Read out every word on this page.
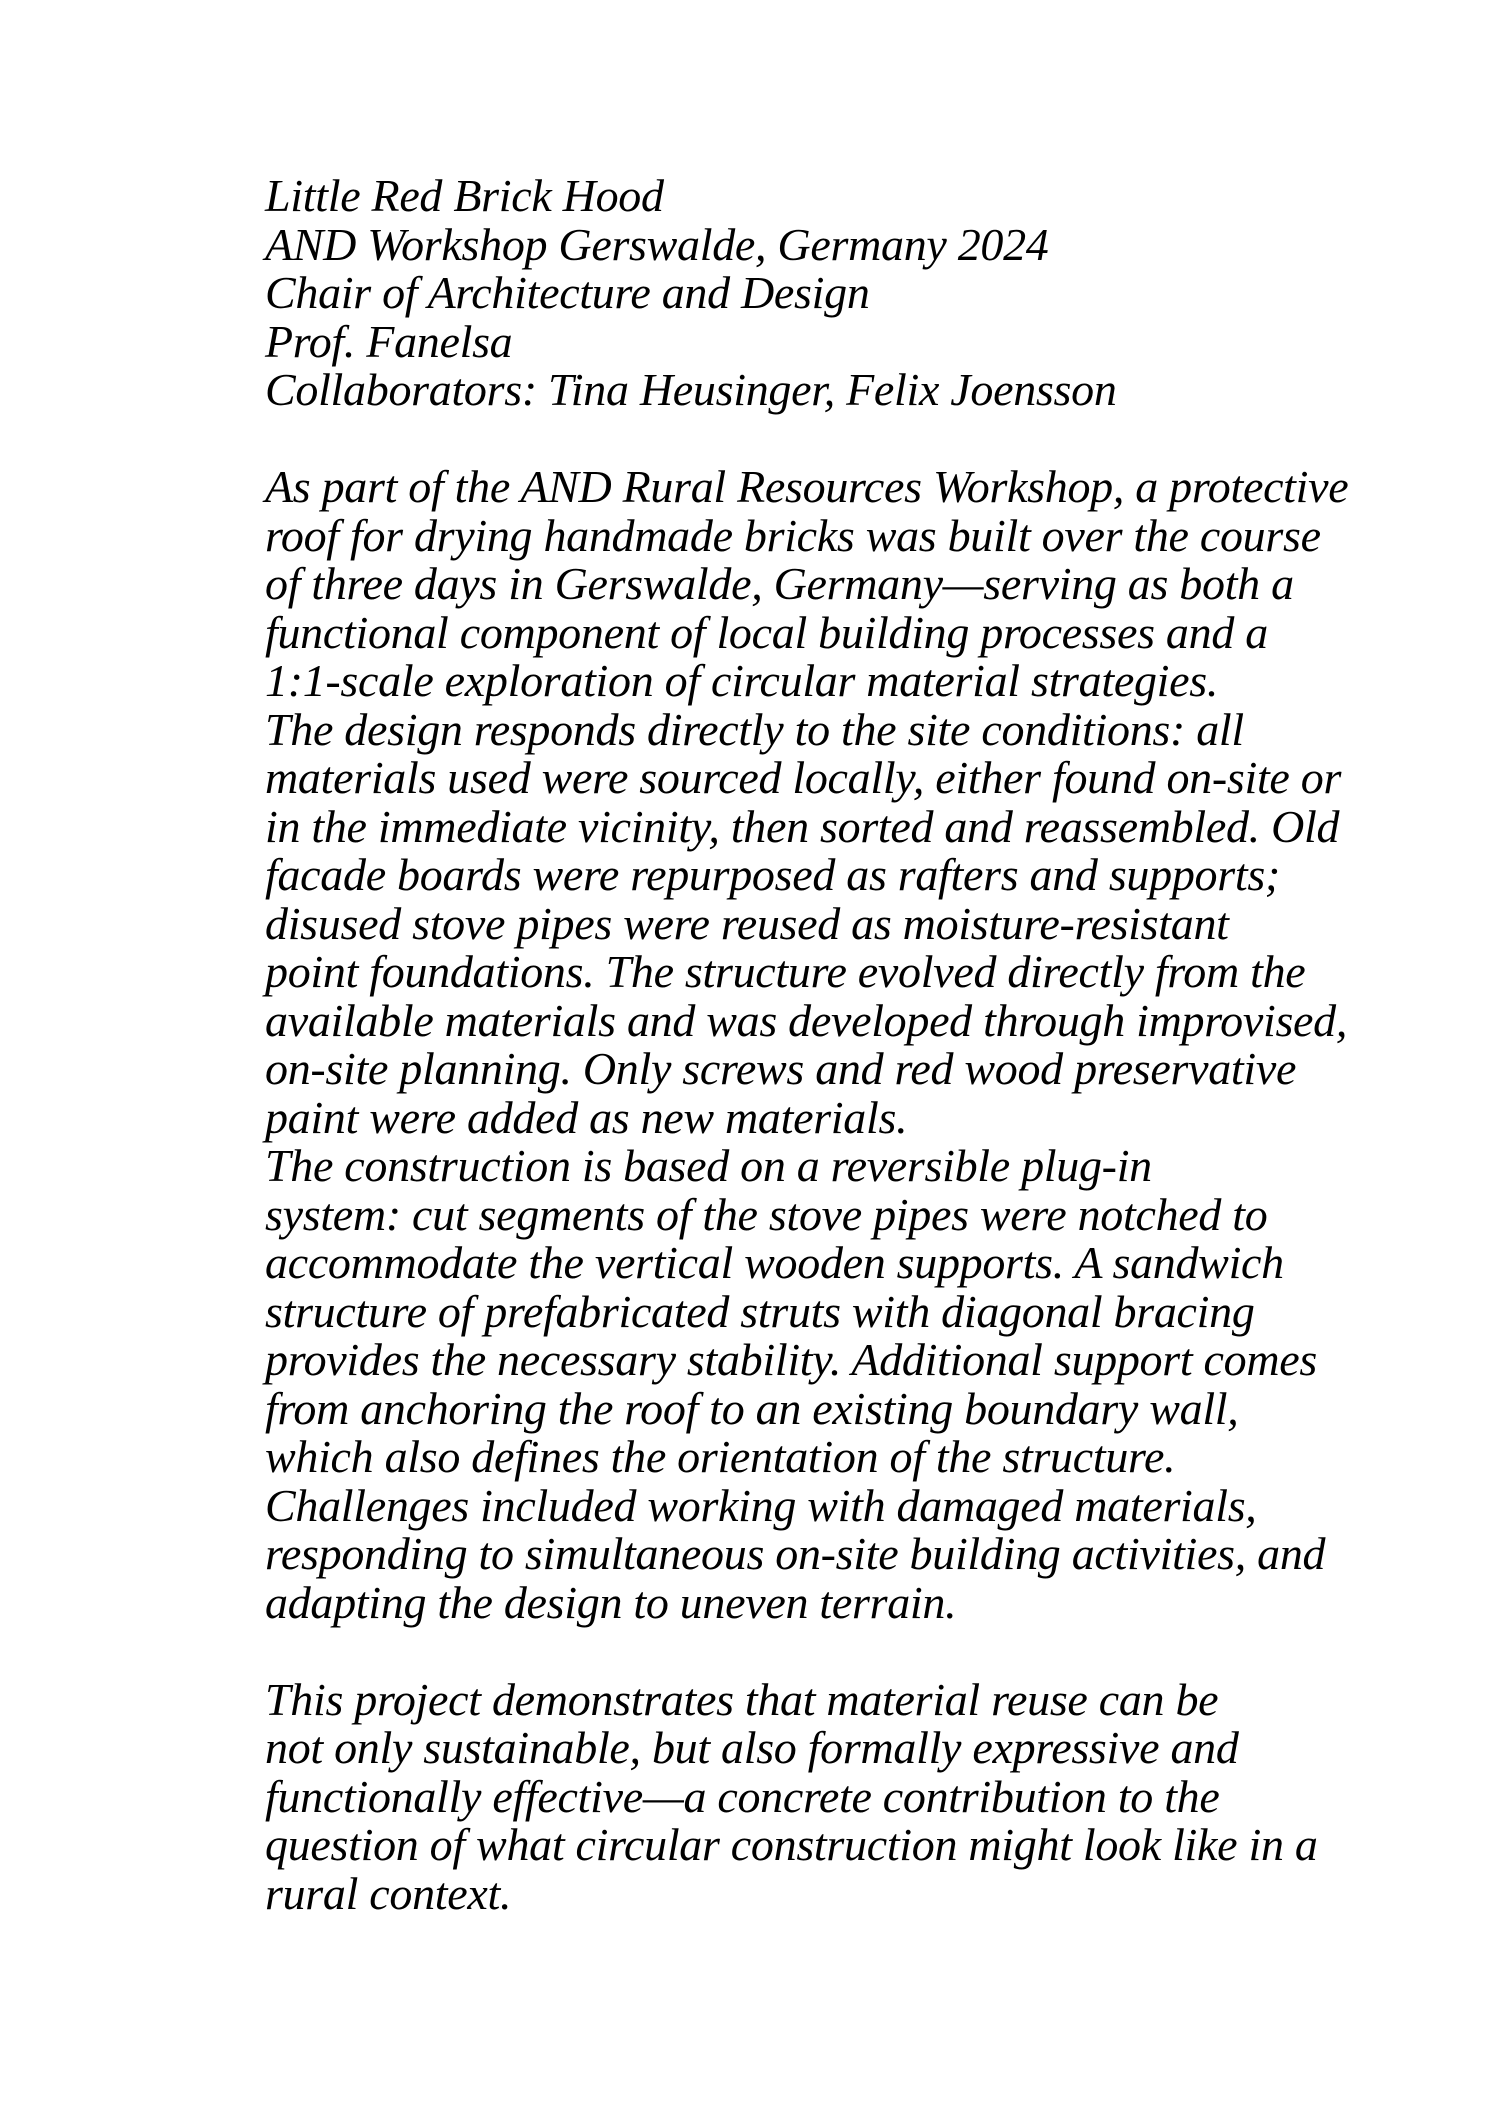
Little Red Brick Hood
AND Workshop Gerswalde, Germany 2024
Chair of Architecture and Design
Prof. Fanelsa
Collaborators: Tina Heusinger, Felix Joensson
As part of the AND Rural Resources Workshop, a protective
roof for drying handmade bricks was built over the course
of three days in Gerswalde, Germany—serving as both a
functional component of local building processes and a
1:1-scale exploration of circular material strategies.
The design responds directly to the site conditions: all
materials used were sourced locally, either found on-site or
in the immediate vicinity, then sorted and reassembled. Old
facade boards were repurposed as rafters and supports;
disused stove pipes were reused as moisture-resistant
point foundations. The structure evolved directly from the
available materials and was developed through improvised,
on-site planning. Only screws and red wood preservative
paint were added as new materials.
The construction is based on a reversible plug-in
system: cut segments of the stove pipes were notched to
accommodate the vertical wooden supports. A sandwich
structure of prefabricated struts with diagonal bracing
provides the necessary stability. Additional support comes
from anchoring the roof to an existing boundary wall,
which also defines the orientation of the structure.
Challenges included working with damaged materials,
responding to simultaneous on-site building activities, and
adapting the design to uneven terrain.
This project demonstrates that material reuse can be
not only sustainable, but also formally expressive and
functionally effective—a concrete contribution to the
question of what circular construction might look like in a
rural context.
